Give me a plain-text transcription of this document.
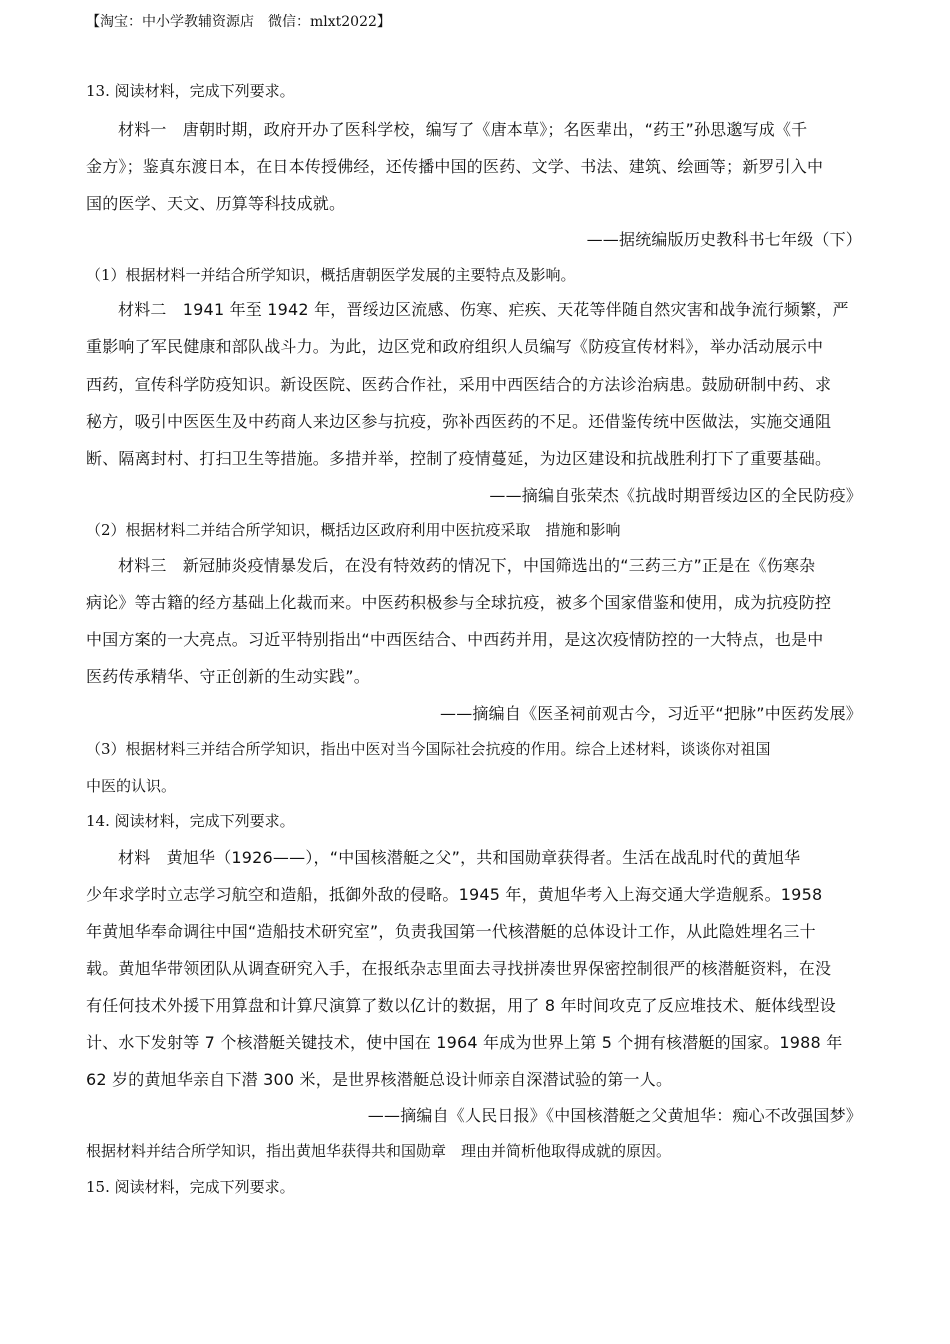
【淘宝：中小学教辅资源店　微信：mlxt2022】
13. 阅读材料，完成下列要求。
材料一　唐朝时期，政府开办了医科学校，编写了《唐本草》；名医辈出，“药王”孙思邈写成《千
金方》；鉴真东渡日本，在日本传授佛经，还传播中国的医药、文学、书法、建筑、绘画等；新罗引入中
国的医学、天文、历算等科技成就。
——据统编版历史教科书七年级（下）
（1）根据材料一并结合所学知识，概括唐朝医学发展的主要特点及影响。
材料二　1941 年至 1942 年，晋绥边区流感、伤寒、疟疾、天花等伴随自然灾害和战争流行频繁，严
重影响了军民健康和部队战斗力。为此，边区党和政府组织人员编写《防疫宣传材料》，举办活动展示中
西药，宣传科学防疫知识。新设医院、医药合作社，采用中西医结合的方法诊治病患。鼓励研制中药、求
秘方，吸引中医医生及中药商人来边区参与抗疫，弥补西医药的不足。还借鉴传统中医做法，实施交通阻
断、隔离封村、打扫卫生等措施。多措并举，控制了疫情蔓延，为边区建设和抗战胜利打下了重要基础。
——摘编自张荣杰《抗战时期晋绥边区的全民防疫》
（2）根据材料二并结合所学知识，概括边区政府利用中医抗疫采取　措施和影响
材料三　新冠肺炎疫情暴发后，在没有特效药的情况下，中国筛选出的“三药三方”正是在《伤寒杂
病论》等古籍的经方基础上化裁而来。中医药积极参与全球抗疫，被多个国家借鉴和使用，成为抗疫防控
中国方案的一大亮点。习近平特别指出“中西医结合、中西药并用，是这次疫情防控的一大特点，也是中
医药传承精华、守正创新的生动实践”。
——摘编自《医圣祠前观古今，习近平“把脉”中医药发展》
（3）根据材料三并结合所学知识，指出中医对当今国际社会抗疫的作用。综合上述材料，谈谈你对祖国
中医的认识。
14. 阅读材料，完成下列要求。
材料　黄旭华（1926——），“中国核潜艇之父”，共和国勋章获得者。生活在战乱时代的黄旭华
少年求学时立志学习航空和造船，抵御外敌的侵略。1945 年，黄旭华考入上海交通大学造舰系。1958
年黄旭华奉命调往中国“造船技术研究室”，负责我国第一代核潜艇的总体设计工作，从此隐姓埋名三十
载。黄旭华带领团队从调查研究入手，在报纸杂志里面去寻找拼凑世界保密控制很严的核潜艇资料，在没
有任何技术外援下用算盘和计算尺演算了数以亿计的数据，用了 8 年时间攻克了反应堆技术、艇体线型设
计、水下发射等 7 个核潜艇关键技术，使中国在 1964 年成为世界上第 5 个拥有核潜艇的国家。1988 年
62 岁的黄旭华亲自下潜 300 米，是世界核潜艇总设计师亲自深潜试验的第一人。
——摘编自《人民日报》《中国核潜艇之父黄旭华：痴心不改强国梦》
根据材料并结合所学知识，指出黄旭华获得共和国勋章　理由并简析他取得成就的原因。
15. 阅读材料，完成下列要求。
